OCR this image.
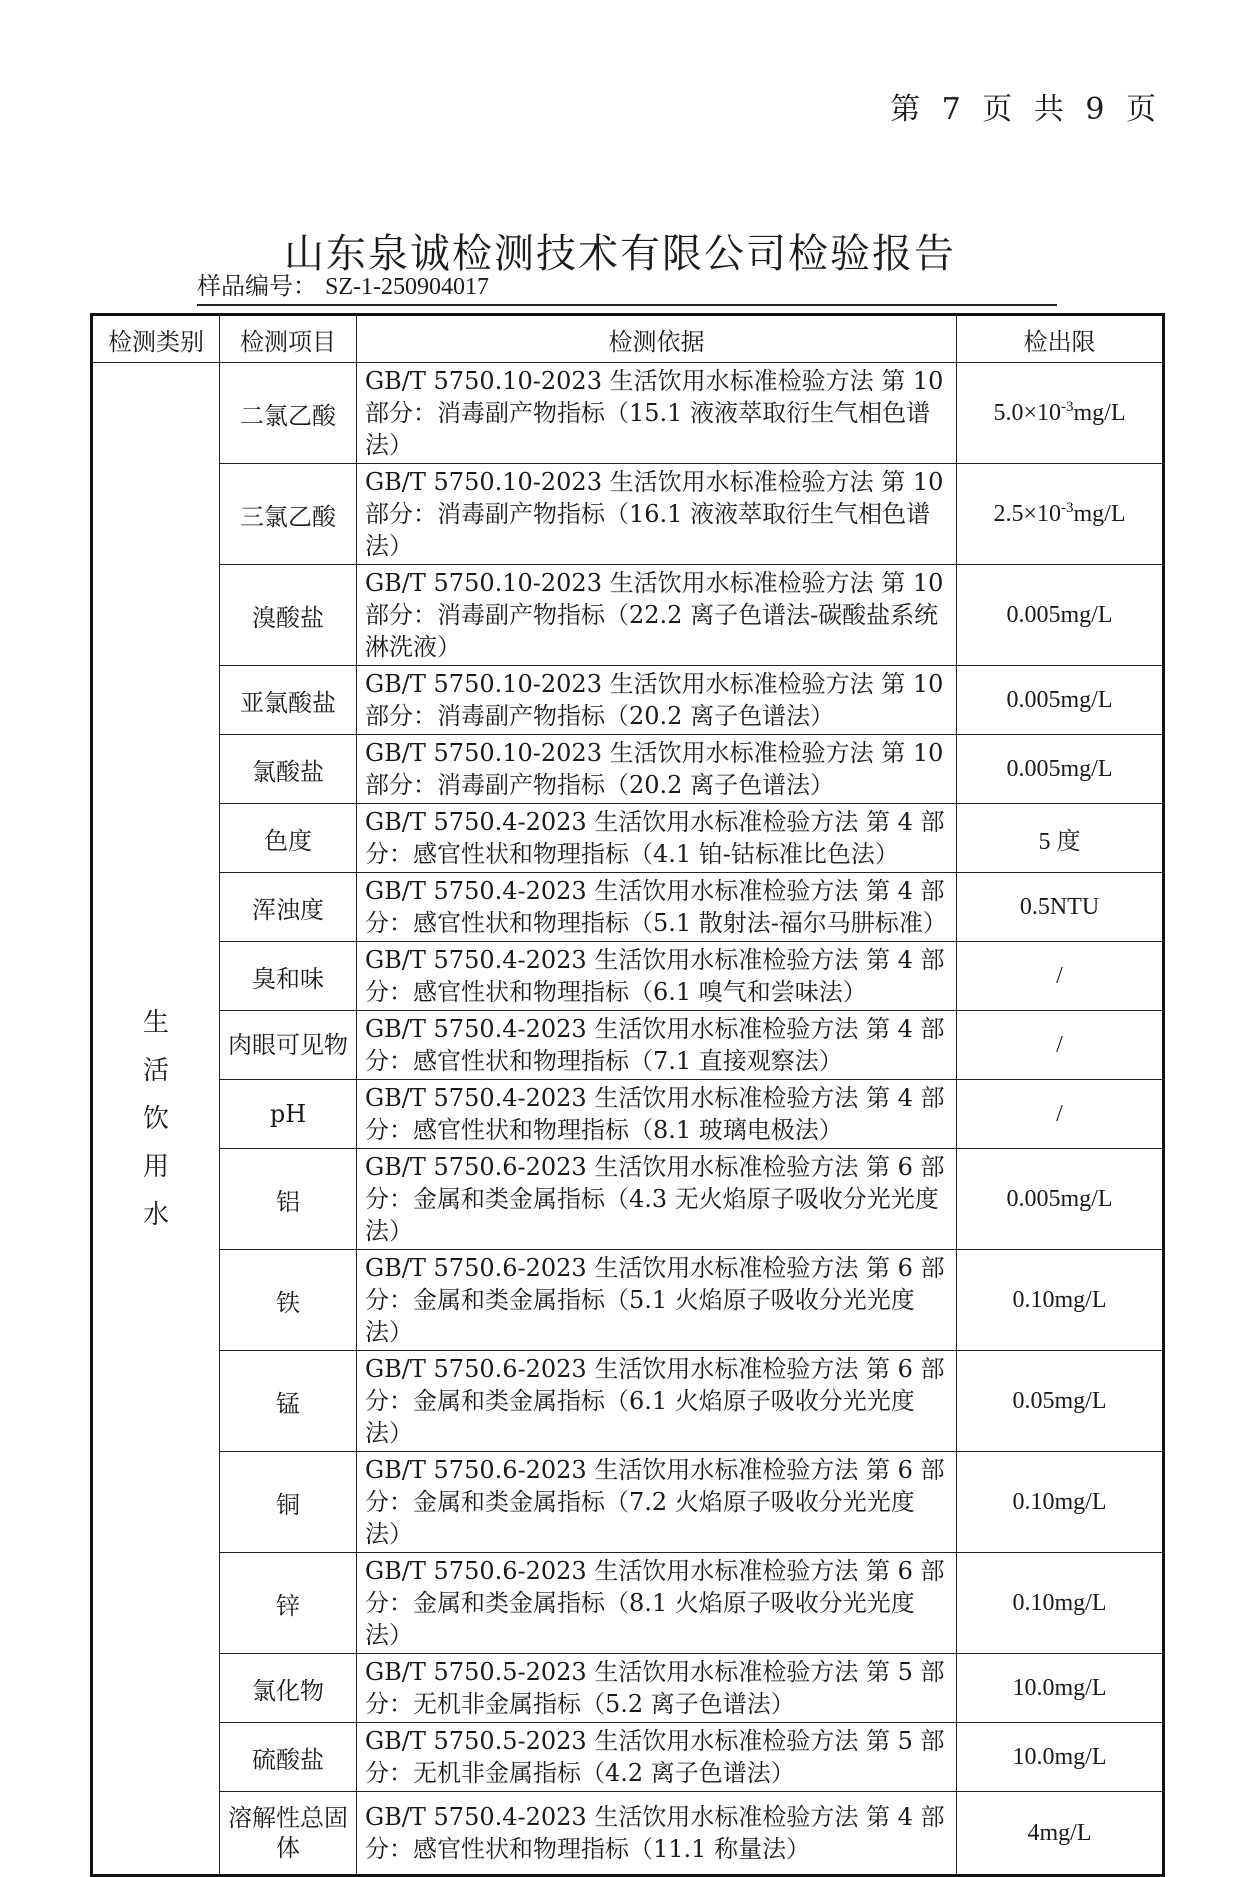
第 7 页 共 9 页
山东泉诚检测技术有限公司检验报告
样品编号： SZ-1-250904017
检测类别	检测项目	检测依据	检出限
生活饮用水	二氯乙酸	GB/T 5750.10-2023 生活饮用水标准检验方法 第 10 部分：消毒副产物指标（15.1 液液萃取衍生气相色谱法）	$5.0\times 10^{-3}mg/L$
	三氯乙酸	GB/T 5750.10-2023 生活饮用水标准检验方法 第 10 部分：消毒副产物指标（16.1 液液萃取衍生气相色谱法）	$2.5\times 10^{-3}mg/L$
	溴酸盐	GB/T 5750.10-2023 生活饮用水标准检验方法 第 10 部分：消毒副产物指标（22.2 离子色谱法-碳酸盐系统淋洗液）	0.005mg/L
	亚氯酸盐	GB/T 5750.10-2023 生活饮用水标准检验方法 第 10 部分：消毒副产物指标（20.2 离子色谱法）	0.005mg/L
	氯酸盐	GB/T 5750.10-2023 生活饮用水标准检验方法 第 10 部分：消毒副产物指标（20.2 离子色谱法）	0.005mg/L
	色度	GB/T 5750.4-2023 生活饮用水标准检验方法 第 4 部分：感官性状和物理指标（4.1 铂-钴标准比色法）	5 度
	浑浊度	GB/T 5750.4-2023 生活饮用水标准检验方法 第 4 部分：感官性状和物理指标（5.1 散射法-福尔马肼标准）	0.5NTU
	臭和味	GB/T 5750.4-2023 生活饮用水标准检验方法 第 4 部分：感官性状和物理指标（6.1 嗅气和尝味法）	/
	肉眼可见物	GB/T 5750.4-2023 生活饮用水标准检验方法 第 4 部分：感官性状和物理指标（7.1 直接观察法）	/
	pH	GB/T 5750.4-2023 生活饮用水标准检验方法 第 4 部分：感官性状和物理指标（8.1 玻璃电极法）	/
	铝	GB/T 5750.6-2023 生活饮用水标准检验方法 第 6 部分：金属和类金属指标（4.3 无火焰原子吸收分光光度法）	0.005mg/L
	铁	GB/T 5750.6-2023 生活饮用水标准检验方法 第 6 部分：金属和类金属指标（5.1 火焰原子吸收分光光度法）	0.10mg/L
	锰	GB/T 5750.6-2023 生活饮用水标准检验方法 第 6 部分：金属和类金属指标（6.1 火焰原子吸收分光光度法）	0.05mg/L
	铜	GB/T 5750.6-2023 生活饮用水标准检验方法 第 6 部分：金属和类金属指标（7.2 火焰原子吸收分光光度法）	0.10mg/L
	锌	GB/T 5750.6-2023 生活饮用水标准检验方法 第 6 部分：金属和类金属指标（8.1 火焰原子吸收分光光度法）	0.10mg/L
	氯化物	GB/T 5750.5-2023 生活饮用水标准检验方法 第 5 部分：无机非金属指标（5.2 离子色谱法）	10.0mg/L
	硫酸盐	GB/T 5750.5-2023 生活饮用水标准检验方法 第 5 部分：无机非金属指标（4.2 离子色谱法）	10.0mg/L
	溶解性总固体	GB/T 5750.4-2023 生活饮用水标准检验方法 第 4 部分：感官性状和物理指标（11.1 称量法）	4mg/L
